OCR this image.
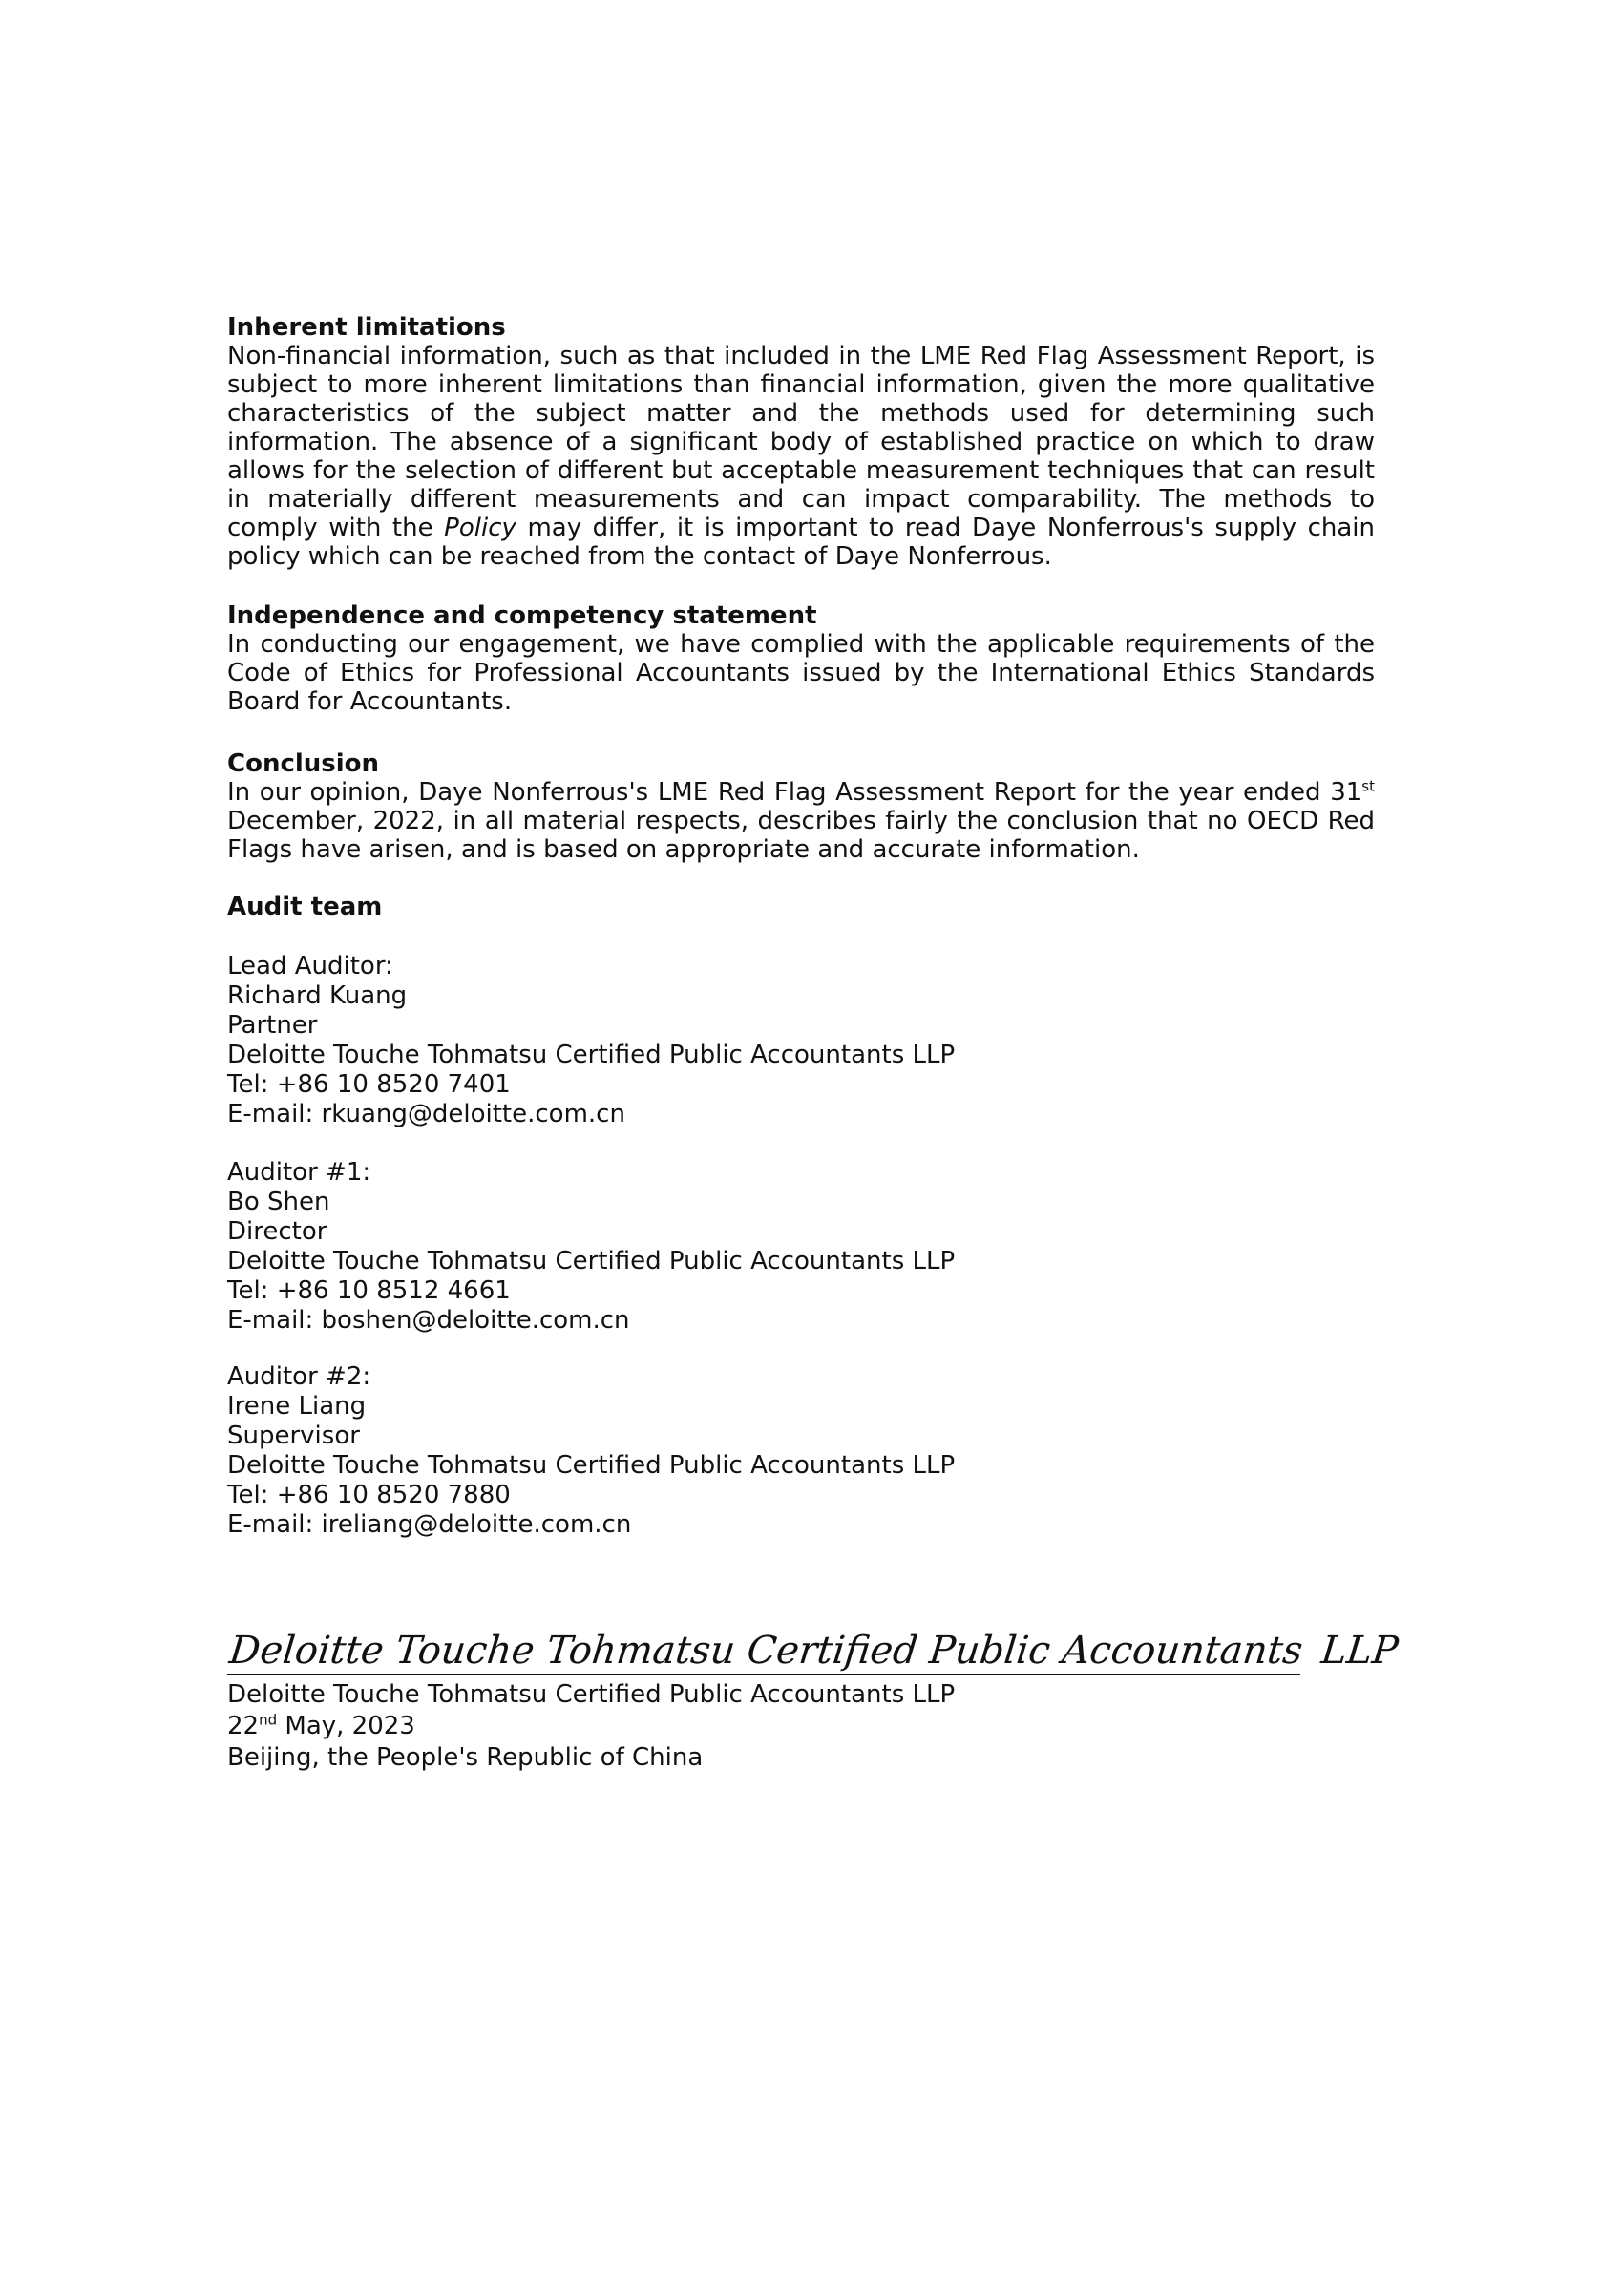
Inherent limitations

Non-financial information, such as that included in the LME Red Flag Assessment Report, is subject to more inherent limitations than financial information, given the more qualitative characteristics of the subject matter and the methods used for determining such information. The absence of a significant body of established practice on which to draw allows for the selection of different but acceptable measurement techniques that can result in materially different measurements and can impact comparability. The methods to comply with the Policy may differ, it is important to read Daye Nonferrous's supply chain policy which can be reached from the contact of Daye Nonferrous.

Independence and competency statement

In conducting our engagement, we have complied with the applicable requirements of the Code of Ethics for Professional Accountants issued by the International Ethics Standards Board for Accountants.

Conclusion

In our opinion, Daye Nonferrous's LME Red Flag Assessment Report for the year ended 31st December, 2022, in all material respects, describes fairly the conclusion that no OECD Red Flags have arisen, and is based on appropriate and accurate information.

Audit team
Lead Auditor:
Richard Kuang
Partner
Deloitte Touche Tohmatsu Certified Public Accountants LLP
Tel: +86 10 8520 7401
E-mail: rkuang@deloitte.com.cn
Auditor #1:
Bo Shen
Director
Deloitte Touche Tohmatsu Certified Public Accountants LLP
Tel: +86 10 8512 4661
E-mail: boshen@deloitte.com.cn
Auditor #2:
Irene Liang
Supervisor
Deloitte Touche Tohmatsu Certified Public Accountants LLP
Tel: +86 10 8520 7880
E-mail: ireliang@deloitte.com.cn
Deloitte Touche Tohmatsu Certified Public Accountants LLP
Deloitte Touche Tohmatsu Certified Public Accountants LLP
22nd May, 2023
Beijing, the People's Republic of China
